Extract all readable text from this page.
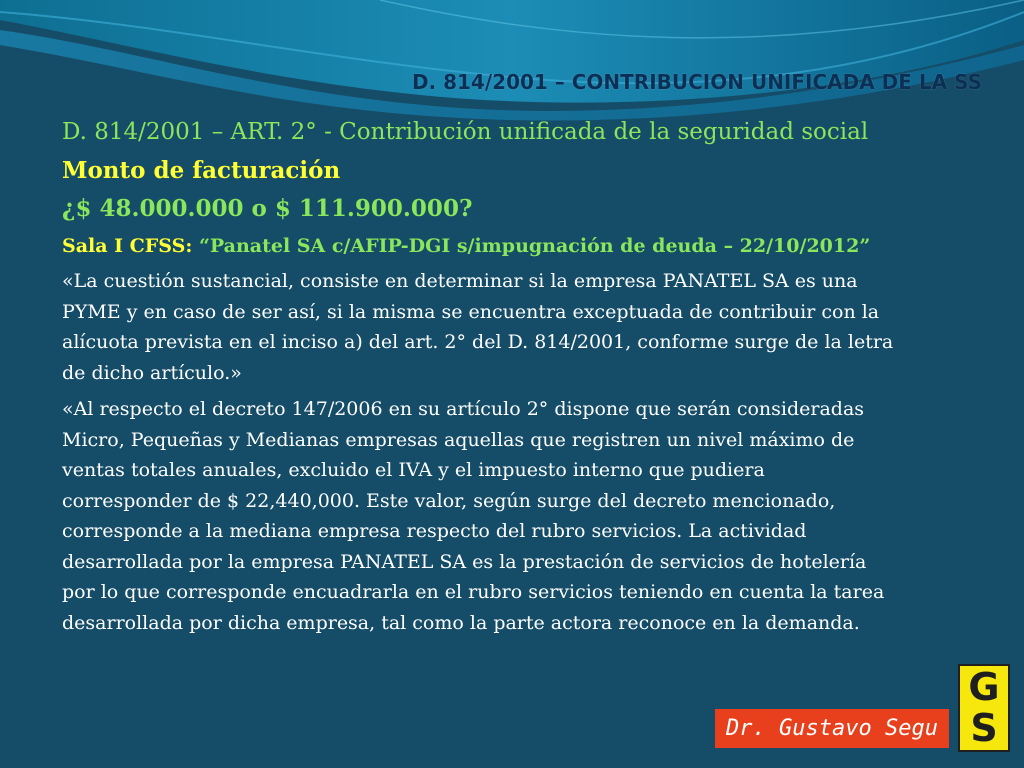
D. 814/2001 – CONTRIBUCION UNIFICADA DE LA SS

D. 814/2001 – ART. 2° - Contribución unificada de la seguridad social

Monto de facturación

¿$ 48.000.000 o $ 111.900.000?

Sala I CFSS: “Panatel SA c/AFIP-DGI s/impugnación de deuda – 22/10/2012”

«La cuestión sustancial, consiste en determinar si la empresa PANATEL SA es una
PYME y en caso de ser así, si la misma se encuentra exceptuada de contribuir con la
alícuota prevista en el inciso a) del art. 2° del D. 814/2001, conforme surge de la letra
de dicho artículo.»
«Al respecto el decreto 147/2006 en su artículo 2° dispone que serán consideradas
Micro, Pequeñas y Medianas empresas aquellas que registren un nivel máximo de
ventas totales anuales, excluido el IVA y el impuesto interno que pudiera
corresponder de $ 22,440,000. Este valor, según surge del decreto mencionado,
corresponde a la mediana empresa respecto del rubro servicios. La actividad
desarrollada por la empresa PANATEL SA es la prestación de servicios de hotelería
por lo que corresponde encuadrarla en el rubro servicios teniendo en cuenta la tarea
desarrollada por dicha empresa, tal como la parte actora reconoce en la demanda.
Dr. Gustavo Segu
G
S
